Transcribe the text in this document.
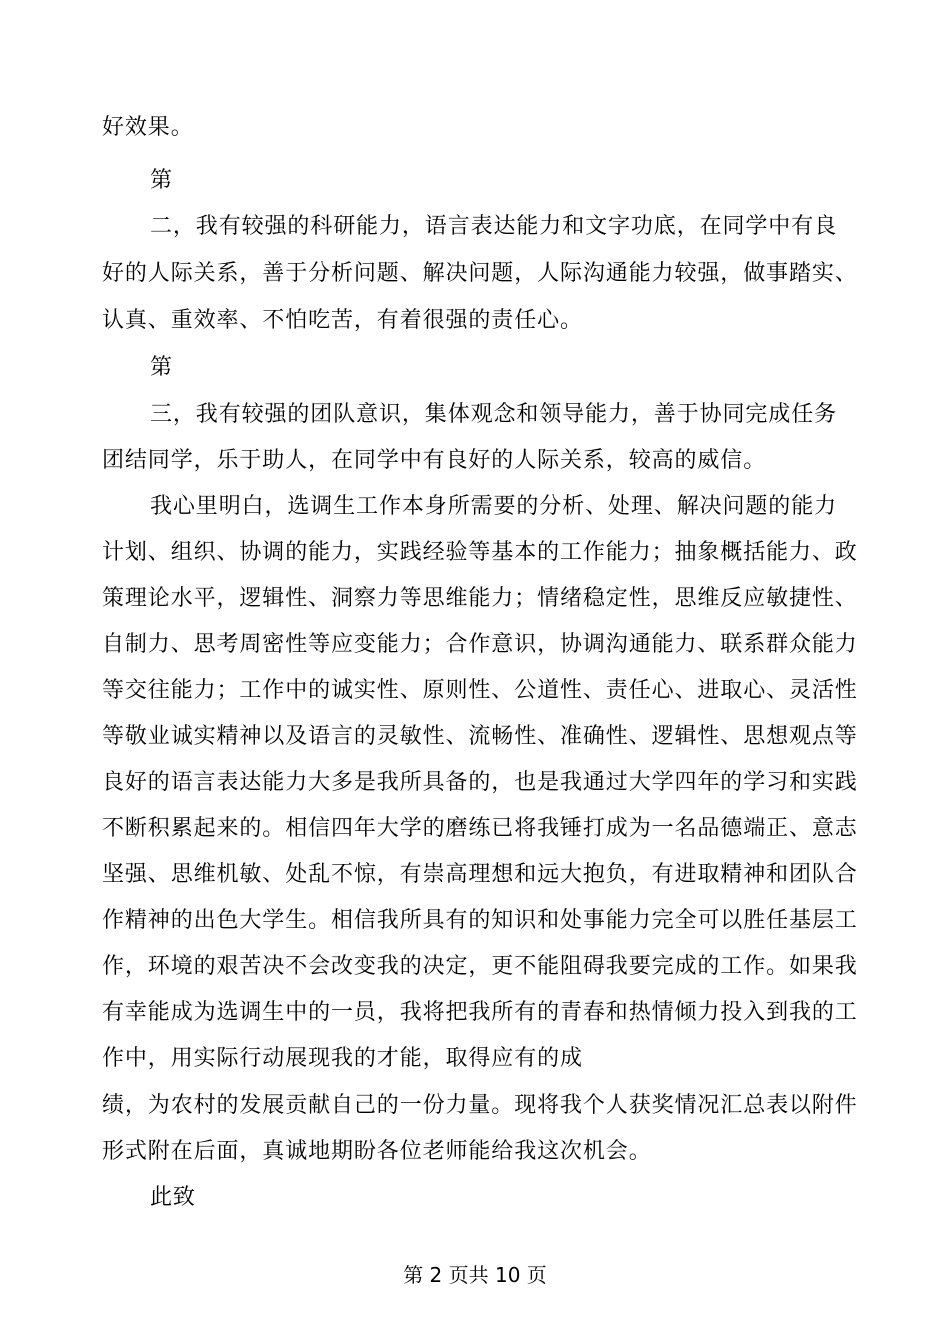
好效果。
第
二，我有较强的科研能力，语言表达能力和文字功底，在同学中有良
好的人际关系，善于分析问题、解决问题，人际沟通能力较强，做事踏实、
认真、重效率、不怕吃苦，有着很强的责任心。
第
三，我有较强的团队意识，集体观念和领导能力，善于协同完成任务
团结同学，乐于助人，在同学中有良好的人际关系，较高的威信。
我心里明白，选调生工作本身所需要的分析、处理、解决问题的能力
计划、组织、协调的能力，实践经验等基本的工作能力；抽象概括能力、政
策理论水平，逻辑性、洞察力等思维能力；情绪稳定性，思维反应敏捷性、
自制力、思考周密性等应变能力；合作意识，协调沟通能力、联系群众能力
等交往能力；工作中的诚实性、原则性、公道性、责任心、进取心、灵活性
等敬业诚实精神以及语言的灵敏性、流畅性、准确性、逻辑性、思想观点等
良好的语言表达能力大多是我所具备的，也是我通过大学四年的学习和实践
不断积累起来的。相信四年大学的磨练已将我锤打成为一名品德端正、意志
坚强、思维机敏、处乱不惊，有崇高理想和远大抱负，有进取精神和团队合
作精神的出色大学生。相信我所具有的知识和处事能力完全可以胜任基层工
作，环境的艰苦决不会改变我的决定，更不能阻碍我要完成的工作。如果我
有幸能成为选调生中的一员，我将把我所有的青春和热情倾力投入到我的工
作中，用实际行动展现我的才能，取得应有的成
绩，为农村的发展贡献自己的一份力量。现将我个人获奖情况汇总表以附件
形式附在后面，真诚地期盼各位老师能给我这次机会。
此致
第 2 页共 10 页
